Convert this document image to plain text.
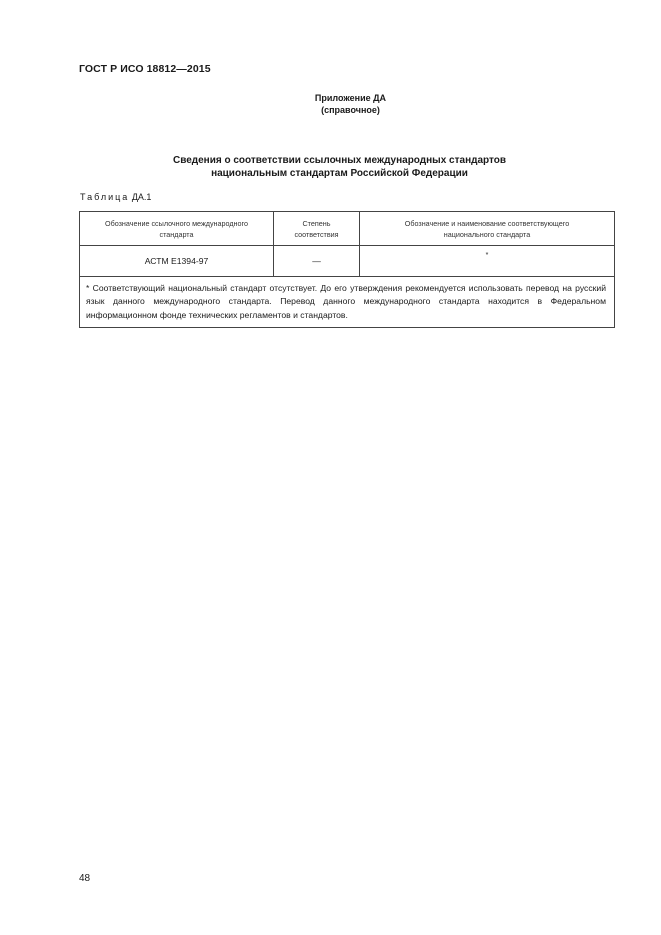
ГОСТ Р ИСО 18812—2015
Приложение ДА
(справочное)
Сведения о соответствии ссылочных международных стандартов
национальным стандартам Российской Федерации
Таблица ДА.1
Обозначение ссылочного международного стандарта	Степень соответствия	Обозначение и наименование соответствующего национального стандарта
АСТМ Е1394-97	—	*
* Соответствующий национальный стандарт отсутствует. До его утверждения рекомендуется использовать перевод на русский язык данного международного стандарта. Перевод данного международного стандарта находится в Федеральном информационном фонде технических регламентов и стандартов.		
48
